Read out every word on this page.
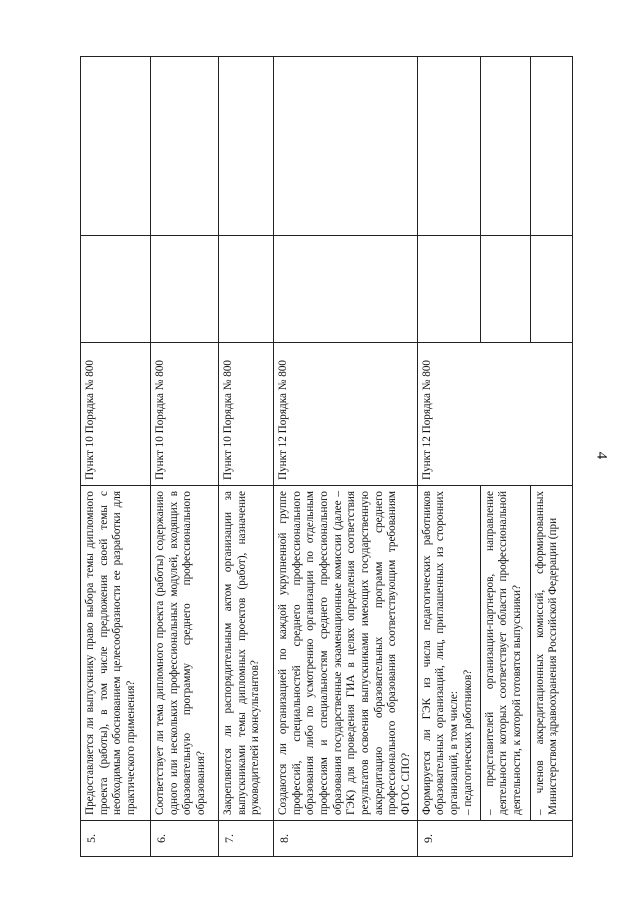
4
5.	Предоставляется ли выпускнику право выбора темы дипломного проекта (работы), в том числе предложения своей темы с необходимым обоснованием целесообразности ее разработки для практического применения?	Пункт 10 Порядка № 800		
6.	Соответствует ли тема дипломного проекта (работы) содержанию одного или нескольких профессиональных модулей, входящих в образовательную программу среднего профессионального образования?	Пункт 10 Порядка № 800		
7.	Закрепляются ли распорядительным актом организации за выпускниками темы дипломных проектов (работ), назначение руководителей и консультантов?	Пункт 10 Порядка № 800		
8.	Создаются ли организацией по каждой укрупненной группе профессий, специальностей среднего профессионального образования либо по усмотрению организации по отдельным профессиям и специальностям среднего профессионального образования государственные экзаменационные комиссии (далее – ГЭК) для проведения ГИА в целях определения соответствия результатов освоения выпускниками имеющих государственную аккредитацию образовательных программ среднего профессионального образования соответствующим требованиям ФГОС СПО?	Пункт 12 Порядка № 800		
9.	Формируется ли ГЭК из числа педагогических работников образовательных организаций, лиц, приглашенных из сторонних организаций, в том числе: – педагогических работников?	Пункт 12 Порядка № 800		
	– представителей организации-партнеров, направление деятельности которых соответствует области профессиональной деятельности, к которой готовятся выпускники?			
	– членов аккредитационных комиссий, сформированных Министерством здравоохранения Российской Федерации (при			
